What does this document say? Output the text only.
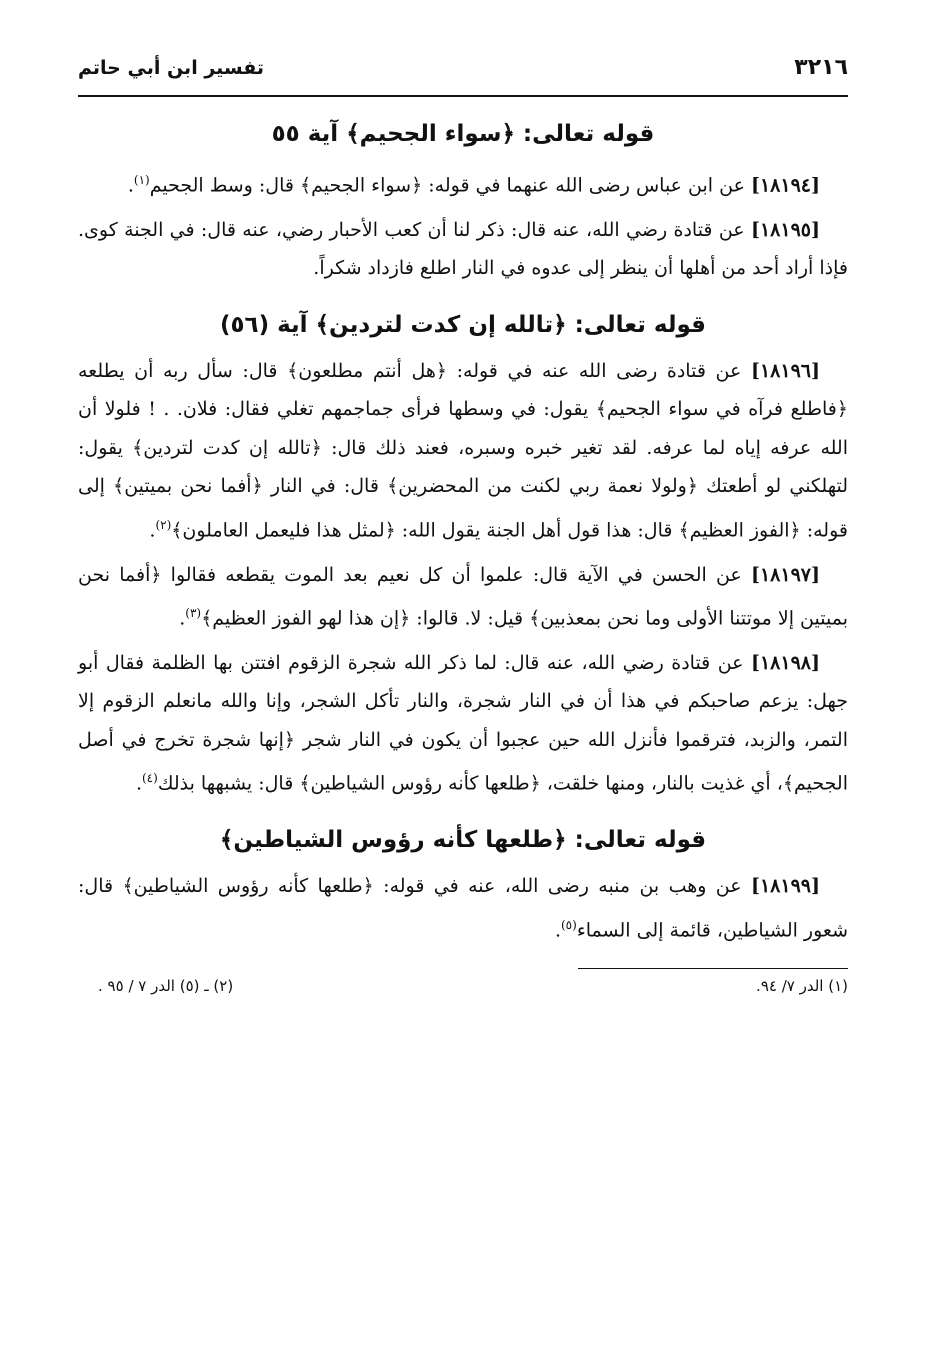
٣٢١٦
تفسير ابن أبي حاتم
قوله تعالى: ﴿سواء الجحيم﴾آية ٥٥

[١٨١٩٤] عن ابن عباس رضى الله عنهما في قوله: ﴿سواء الجحيم﴾ قال: وسط الجحيم$^{(١)}$.

[١٨١٩٥] عن قتادة رضي الله، عنه قال: ذكر لنا أن كعب الأحبار رضي، عنه قال: في الجنة كوى. فإذا أراد أحد من أهلها أن ينظر إلى عدوه في النار اطلع فازداد شكراً.

قوله تعالى: ﴿تالله إن كدت لتردين﴾آية (٥٦)

[١٨١٩٦] عن قتادة رضى الله عنه في قوله: ﴿هل أنتم مطلعون﴾ قال: سأل ربه أن يطلعه ﴿فاطلع فرآه في سواء الجحيم﴾ يقول: في وسطها فرأى جماجمهم تغلي فقال: فلان. . ! فلولا أن الله عرفه إياه لما عرفه. لقد تغير خبره وسبره، فعند ذلك قال: ﴿تالله إن كدت لتردين﴾ يقول: لتهلكني لو أطعتك ﴿ولولا نعمة ربي لكنت من المحضرين﴾ قال: في النار ﴿أفما نحن بميتين﴾ إلى قوله: ﴿الفوز العظيم﴾ قال: هذا قول أهل الجنة يقول الله: ﴿لمثل هذا فليعمل العاملون﴾$^{(٢)}$.

[١٨١٩٧] عن الحسن في الآية قال: علموا أن كل نعيم بعد الموت يقطعه فقالوا ﴿أفما نحن بميتين إلا موتتنا الأولى وما نحن بمعذبين﴾ قيل: لا. قالوا: ﴿إن هذا لهو الفوز العظيم﴾$^{(٣)}$.

[١٨١٩٨] عن قتادة رضي الله، عنه قال: لما ذكر الله شجرة الزقوم افتتن بها الظلمة فقال أبو جهل: يزعم صاحبكم في هذا أن في النار شجرة، والنار تأكل الشجر، وإنا والله مانعلم الزقوم إلا التمر، والزبد، فترقموا فأنزل الله حين عجبوا أن يكون في النار شجر ﴿إنها شجرة تخرج في أصل الجحيم﴾، أي غذيت بالنار، ومنها خلقت، ﴿طلعها كأنه رؤوس الشياطين﴾ قال: يشبهها بذلك$^{(٤)}$.

قوله تعالى: ﴿طلعها كأنه رؤوس الشياطين﴾

[١٨١٩٩] عن وهب بن منبه رضى الله، عنه في قوله: ﴿طلعها كأنه رؤوس الشياطين﴾ قال: شعور الشياطين، قائمة إلى السماء$^{(٥)}$.

(١) الدر ٧/ ٩٤.
(٢) ـ (٥) الدر ٧ / ٩٥ .
